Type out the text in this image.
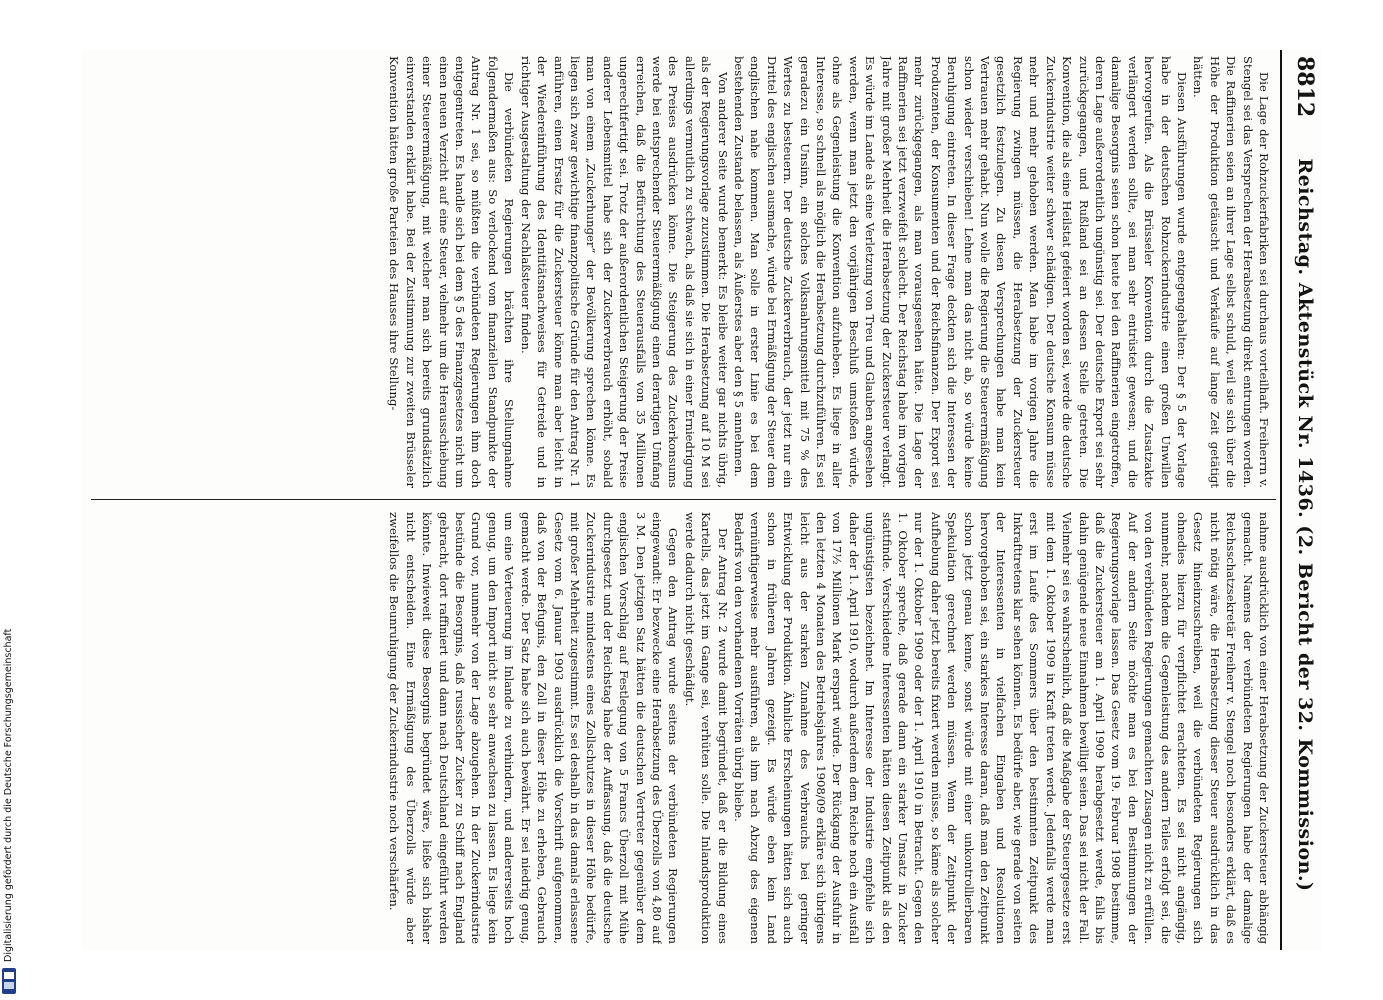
8812
Reichstag. Aktenstück Nr. 1436. (2. Bericht der 32. Kommission.)

Die Lage der Rohzuckerfabriken sei durchaus vorteilhaft. Freiherrn v. Stengel sei das Versprechen der Herabsetzung direkt entrungen worden. Die Raffinerien seien an ihrer Lage selbst schuld, weil sie sich über die Höhe der Produktion getäuscht und Verkäufe auf lange Zeit getätigt hätten.

Diesen Ausführungen wurde entgegengehalten: Der § 5 der Vorlage habe in der deutschen Rohzuckerindustrie einen großen Unwillen hervorgerufen. Als die Brüsseler Konvention durch die Zusatzakte verlängert werden sollte, sei man sehr entrüstet gewesen; und die damalige Besorgnis seien schon heute bei den Raffinerien eingetroffen, deren Lage außerordentlich ungünstig sei. Der deutsche Export sei sehr zurückgegangen, und Rußland sei an dessen Stelle getreten. Die Konvention, die als eine Heilstat gefeiert worden sei, werde die deutsche Zuckerindustrie weiter schwer schädigen. Der deutsche Konsum müsse mehr und mehr gehoben werden. Man habe im vorigen Jahre die Regierung zwingen müssen, die Herabsetzung der Zuckersteuer gesetzlich festzulegen. Zu diesen Versprechungen habe man kein Vertrauen mehr gehabt. Nun wolle die Regierung die Steuerermäßigung schon wieder verschieben! Lehne man das nicht ab, so würde keine Beruhigung eintreten. In dieser Frage deckten sich die Interessen der Produzenten, der Konsumenten und der Reichsfinanzen. Der Export sei mehr zurückgegangen, als man vorausgesehen hätte. Die Lage der Raffinerien sei jetzt verzweifelt schlecht. Der Reichstag habe im vorigen Jahre mit großer Mehrheit die Herabsetzung der Zuckersteuer verlangt. Es würde im Lande als eine Verletzung von Treu und Glauben angesehen werden, wenn man jetzt den vorjährigen Beschluß umstoßen würde, ohne als Gegenleistung die Konvention aufzuheben. Es liege in aller Interesse, so schnell als möglich die Herabsetzung durchzuführen. Es sei geradezu ein Unsinn, ein solches Volksnahrungsmittel mit 75 % des Wertes zu besteuern. Der deutsche Zuckerverbrauch, der jetzt nur ein Drittel des englischen ausmache, würde bei Ermäßigung der Steuer dem englischen nahe kommen. Man solle in erster Linie es bei dem bestehenden Zustande belassen, als Äußerstes aber den § 5 annehmen.

Von anderer Seite wurde bemerkt: Es bleibe weiter gar nichts übrig, als der Regierungsvorlage zuzustimmen. Die Herabsetzung auf 10 M sei allerdings vermutlich zu schwach, als daß sie sich in einer Erniedrigung des Preises ausdrücken könne. Die Steigerung des Zuckerkonsums werde bei entsprechender Steuerermäßigung einen derartigen Umfang erreichen, daß die Befürchtung des Steuerausfalls von 35 Millionen ungerechtfertigt sei. Trotz der außerordentlichen Steigerung der Preise anderer Lebensmittel habe sich der Zuckerverbrauch erhöht, sobald man von einem „Zuckerhunger“ der Bevölkerung sprechen könne. Es liegen sich zwar gewichtige finanzpolitische Gründe für den Antrag Nr. 1 anführen, einen Ersatz für die Zuckersteuer könne man aber leicht in der Wiedereinführung des Identitätsnachweises für Getreide und in richtiger Ausgestaltung der Nachlaßsteuer finden.

Die verbündeten Regierungen brächten ihre Stellungnahme folgendermaßen aus: So verlockend vom finanziellen Standpunkte der Antrag Nr. 1 sei, so müßten die verbündeten Regierungen ihm doch entgegentreten. Es handle sich bei dem § 5 des Finanzgesetzes nicht um einen neuen Verzicht auf eine Steuer, vielmehr um die Herausschiebung einer Steuerermäßigung, mit welcher man sich bereits grundsätzlich einverstanden erklärt habe. Bei der Zustimmung zur zweiten Brüsseler Konvention hätten große Parteien des Hauses ihre Stellung-

nahme ausdrücklich von einer Herabsetzung der Zuckersteuer abhängig gemacht. Namens der verbündeten Regierungen habe der damalige Reichsschatzsekretär Freiherr v. Stengel noch besonders erklärt, daß es nicht nötig wäre, die Herabsetzung dieser Steuer ausdrücklich in das Gesetz hineinzuschreiben, weil die verbündeten Regierungen sich ohnedies hierzu für verpflichtet erachteten. Es sei nicht angängig, nunmehr, nachdem die Gegenleistung des andern Teiles erfolgt sei, die von den verbündeten Regierungen gemachten Zusagen nicht zu erfüllen. Auf der andern Seite möchte man es bei den Bestimmungen der Regierungsvorlage lassen. Das Gesetz vom 19. Februar 1908 bestimme, daß die Zuckersteuer am 1. April 1909 herabgesetzt werde, falls bis dahin genügende neue Einnahmen bewilligt seien. Das sei nicht der Fall. Vielmehr sei es wahrscheinlich, daß die Maßgabe der Steuergesetze erst mit dem 1. Oktober 1909 in Kraft treten werde. Jedenfalls werde man erst im Laufe des Sommers über den bestimmten Zeitpunkt des Inkrafttretens klar sehen können. Es bedürfe aber, wie gerade von seiten der Interessenten in vielfachen Eingaben und Resolutionen hervorgehoben sei, ein starkes Interesse daran, daß man den Zeitpunkt schon jetzt genau kenne, sonst würde mit einer unkontrollierbaren Spekulation gerechnet werden müssen. Wenn der Zeitpunkt der Aufhebung daher jetzt bereits fixiert werden müsse, so käme als solcher nur der 1. Oktober 1909 oder der 1. April 1910 in Betracht. Gegen den 1. Oktober spreche, daß gerade dann ein starker Umsatz in Zucker stattfinde. Verschiedene Interessenten hätten diesen Zeitpunkt als den ungünstigsten bezeichnet. Im Interesse der Industrie empfehle sich daher der 1. April 1910, wodurch außerdem dem Reiche noch ein Ausfall von 17½ Millionen Mark erspart würde. Der Rückgang der Ausfuhr in den letzten 4 Monaten des Betriebsjahres 1908/09 erkläre sich übrigens leicht aus der starken Zunahme des Verbrauchs bei geringer Entwicklung der Produktion. Ähnliche Erscheinungen hätten sich auch schon in früheren Jahren gezeigt. Es würde eben kein Land vernünftigerweise mehr ausführen, als ihm nach Abzug des eigenen Bedarfs von den vorhandenen Vorräten übrig bliebe.

Der Antrag Nr. 2 wurde damit begründet, daß er die Bildung eines Kartells, das jetzt im Gange sei, verhüten solle. Die Inlandsproduktion werde dadurch nicht geschädigt.

Gegen den Antrag wurde seitens der verbündeten Regierungen eingewandt: Er bezwecke eine Herabsetzung des Überzolls von 4,80 auf 3 M. Den jetzigen Satz hätten die deutschen Vertreter gegenüber dem englischen Vorschlag auf Festlegung von 5 Francs Überzoll mit Mühe durchgesetzt und der Reichstag habe der Auffassung, daß die deutsche Zuckerindustrie mindestens eines Zollschutzes in dieser Höhe bedürfe, mit großer Mehrheit zugestimmt. Es sei deshalb in das damals erlassene Gesetz vom 6. Januar 1903 ausdrücklich die Vorschrift aufgenommen, daß von der Befugnis, den Zoll in dieser Höhe zu erheben, Gebrauch gemacht werde. Der Satz habe sich auch bewährt. Er sei niedrig genug, um eine Verteuerung im Inlande zu verhindern, und andererseits hoch genug, um den Import nicht so sehr anwachsen zu lassen. Es liege kein Grund vor, nunmehr von der Lage abzugehen. In der Zuckerindustrie bestünde die Besorgnis, daß russischer Zucker zu Schiff nach England gebracht, dort raffiniert und dann nach Deutschland eingeführt werden könnte. Inwieweit diese Besorgnis begründet wäre, ließe sich bisher nicht entscheiden. Eine Ermäßigung des Überzolls würde aber zweifellos die Beunruhigung der Zuckerindustrie noch verschärfen.

Digitalisierung gefördert durch die Deutsche Forschungsgemeinschaft
